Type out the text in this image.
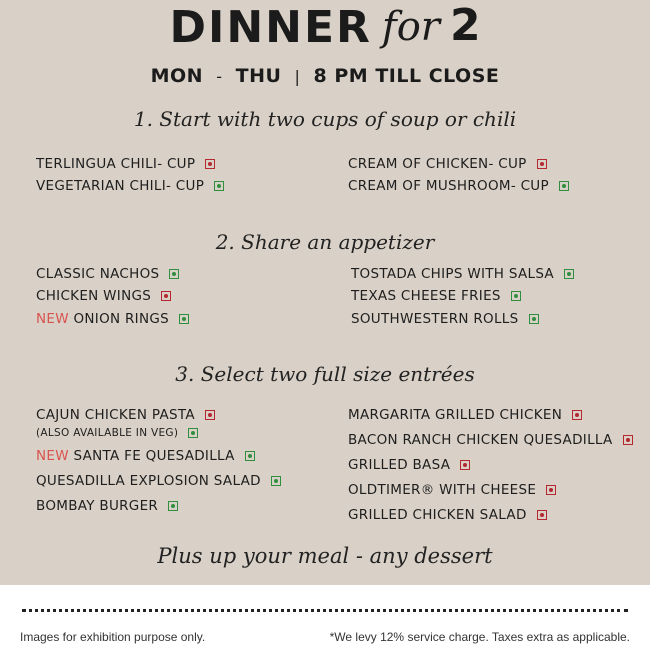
DINNER for 2
MON - THU | 8 PM TILL CLOSE
1. Start with two cups of soup or chili
TERLINGUA CHILI- CUP
VEGETARIAN CHILI- CUP
CREAM OF CHICKEN- CUP
CREAM OF MUSHROOM- CUP
2. Share an appetizer
CLASSIC NACHOS
CHICKEN WINGS
NEW ONION RINGS
TOSTADA CHIPS WITH SALSA
TEXAS CHEESE FRIES
SOUTHWESTERN ROLLS
3. Select two full size entrées
CAJUN CHICKEN PASTA
(ALSO AVAILABLE IN VEG)
NEW SANTA FE QUESADILLA
QUESADILLA EXPLOSION SALAD
BOMBAY BURGER
MARGARITA GRILLED CHICKEN
BACON RANCH CHICKEN QUESADILLA
GRILLED BASA
OLDTIMER® WITH CHEESE
GRILLED CHICKEN SALAD
Plus up your meal - any dessert
Images for exhibition purpose only.	*We levy 12% service charge. Taxes extra as applicable.
